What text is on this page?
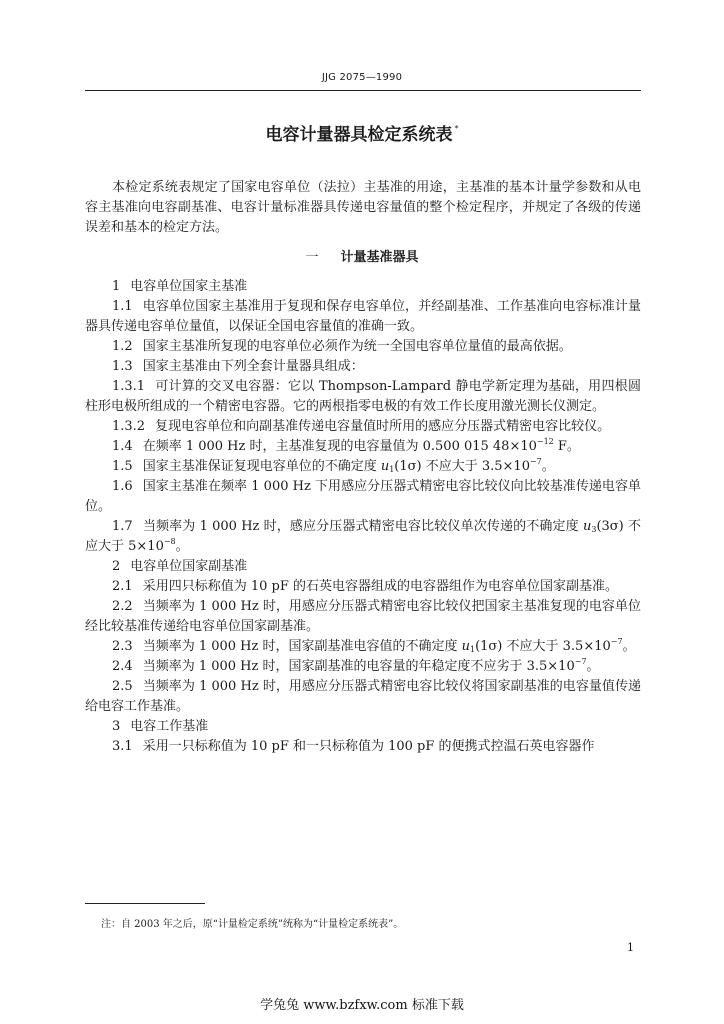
JJG 2075—1990
电容计量器具检定系统表 *

本检定系统表规定了国家电容单位（法拉）主基准的用途，主基准的基本计量学参数和从电容主基准向电容副基准、电容计量标准器具传递电容量值的整个检定程序，并规定了各级的传递误差和基本的检定方法。

一 计量基准器具

1 电容单位国家主基准

1.1 电容单位国家主基准用于复现和保存电容单位，并经副基准、工作基准向电容标准计量器具传递电容单位量值，以保证全国电容量值的准确一致。

1.2 国家主基准所复现的电容单位必须作为统一全国电容单位量值的最高依据。

1.3 国家主基准由下列全套计量器具组成：

1.3.1 可计算的交叉电容器：它以 Thompson-Lampard 静电学新定理为基础，用四根圆柱形电极所组成的一个精密电容器。它的两根指零电极的有效工作长度用激光测长仪测定。

1.3.2 复现电容单位和向副基准传递电容量值时所用的感应分压器式精密电容比较仪。

1.4 在频率 1 000 Hz 时，主基准复现的电容量值为 0.500 015 $48\times 10^{-12}$ F。

1.5 国家主基准保证复现电容单位的不确定度 $u_1(1\sigma)$ 不应大于 $3.5\times 10^{-7}$。

1.6 国家主基准在频率 1 000 Hz 下用感应分压器式精密电容比较仪向比较基准传递电容单位。

1.7 当频率为 1 000 Hz 时，感应分压器式精密电容比较仪单次传递的不确定度 $u_3(3\sigma)$ 不应大于 $5\times 10^{-8}$。

2 电容单位国家副基准

2.1 采用四只标称值为 10 pF 的石英电容器组成的电容器组作为电容单位国家副基准。

2.2 当频率为 1 000 Hz 时，用感应分压器式精密电容比较仪把国家主基准复现的电容单位经比较基准传递给电容单位国家副基准。

2.3 当频率为 1 000 Hz 时，国家副基准电容值的不确定度 $u_1(1\sigma)$ 不应大于 $3.5\times 10^{-7}$。

2.4 当频率为 1 000 Hz 时，国家副基准的电容量的年稳定度不应劣于 $3.5\times 10^{-7}$。

2.5 当频率为 1 000 Hz 时，用感应分压器式精密电容比较仪将国家副基准的电容量值传递给电容工作基准。

3 电容工作基准

3.1 采用一只标称值为 10 pF 和一只标称值为 100 pF 的便携式控温石英电容器作

注：自 2003 年之后，原“计量检定系统”统称为“计量检定系统表”。
1
学兔兔 www.bzfxw.com 标准下载
